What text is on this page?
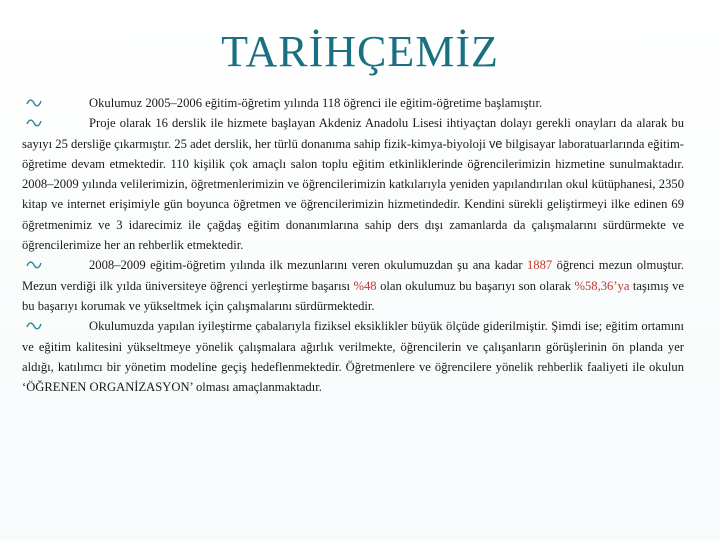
TARİHÇEMİZ

Okulumuz 2005–2006 eğitim-öğretim yılında 118 öğrenci ile eğitim-öğretime başlamıştır.

Proje olarak 16 derslik ile hizmete başlayan Akdeniz Anadolu Lisesi ihtiyaçtan dolayı gerekli onayları da alarak bu sayıyı 25 dersliğe çıkarmıştır. 25 adet derslik, her türlü donanıma sahip fizik-kimya-biyoloji ve bilgisayar laboratuarlarında eğitim-öğretime devam etmektedir. 110 kişilik çok amaçlı salon toplu eğitim etkinliklerinde öğrencilerimizin hizmetine sunulmaktadır. 2008–2009 yılında velilerimizin, öğretmenlerimizin ve öğrencilerimizin katkılarıyla yeniden yapılandırılan okul kütüphanesi, 2350 kitap ve internet erişimiyle gün boyunca öğretmen ve öğrencilerimizin hizmetindedir. Kendini sürekli geliştirmeyi ilke edinen 69 öğretmenimiz ve 3 idarecimiz ile çağdaş eğitim donanımlarına sahip ders dışı zamanlarda da çalışmalarını sürdürmekte ve öğrencilerimize her an rehberlik etmektedir.

2008–2009 eğitim-öğretim yılında ilk mezunlarını veren okulumuzdan şu ana kadar 1887 öğrenci mezun olmuştur. Mezun verdiği ilk yılda üniversiteye öğrenci yerleştirme başarısı %48 olan okulumuz bu başarıyı son olarak %58,36’ya taşımış ve bu başarıyı korumak ve yükseltmek için çalışmalarını sürdürmektedir.

Okulumuzda yapılan iyileştirme çabalarıyla fiziksel eksiklikler büyük ölçüde giderilmiştir. Şimdi ise; eğitim ortamını ve eğitim kalitesini yükseltmeye yönelik çalışmalara ağırlık verilmekte, öğrencilerin ve çalışanların görüşlerinin ön planda yer aldığı, katılımcı bir yönetim modeline geçiş hedeflenmektedir. Öğretmenlere ve öğrencilere yönelik rehberlik faaliyeti ile okulun ‘ÖĞRENEN ORGANİZASYON’ olması amaçlanmaktadır.
